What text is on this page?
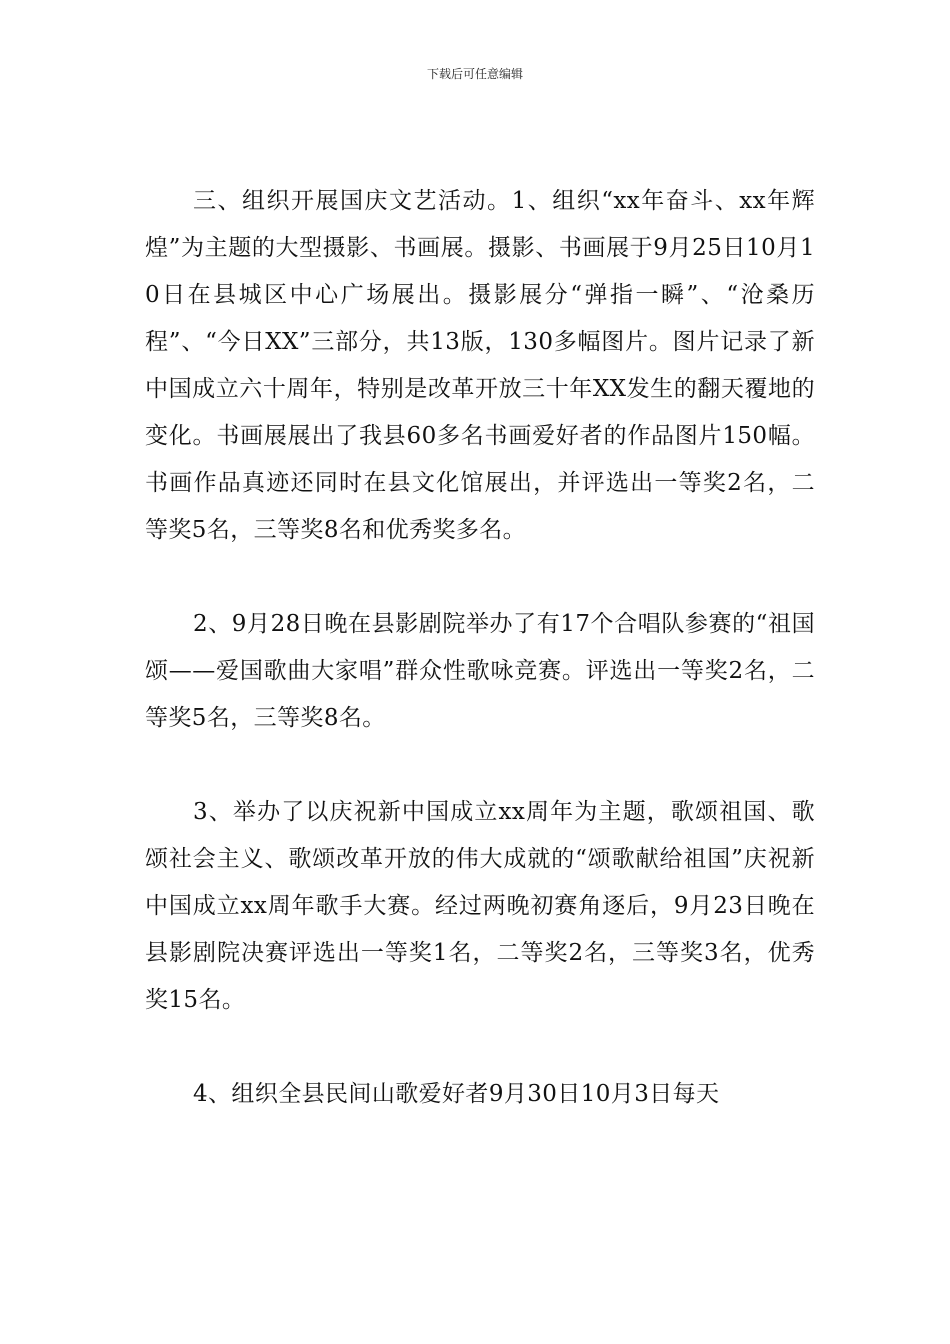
下载后可任意编辑

三、组织开展国庆文艺活动。1、组织“xx年奋斗、xx年辉煌”为主题的大型摄影、书画展。摄影、书画展于9月25日10月10日在县城区中心广场展出。摄影展分“弹指一瞬”、“沧桑历程”、“今日XX”三部分，共13版，130多幅图片。图片记录了新中国成立六十周年，特别是改革开放三十年XX发生的翻天覆地的变化。书画展展出了我县60多名书画爱好者的作品图片150幅。书画作品真迹还同时在县文化馆展出，并评选出一等奖2名，二等奖5名，三等奖8名和优秀奖多名。

2、9月28日晚在县影剧院举办了有17个合唱队参赛的“祖国颂——爱国歌曲大家唱”群众性歌咏竞赛。评选出一等奖2名，二等奖5名，三等奖8名。

3、举办了以庆祝新中国成立xx周年为主题，歌颂祖国、歌颂社会主义、歌颂改革开放的伟大成就的“颂歌献给祖国”庆祝新中国成立xx周年歌手大赛。经过两晚初赛角逐后，9月23日晚在县影剧院决赛评选出一等奖1名，二等奖2名，三等奖3名，优秀奖15名。

4、组织全县民间山歌爱好者9月30日10月3日每天
